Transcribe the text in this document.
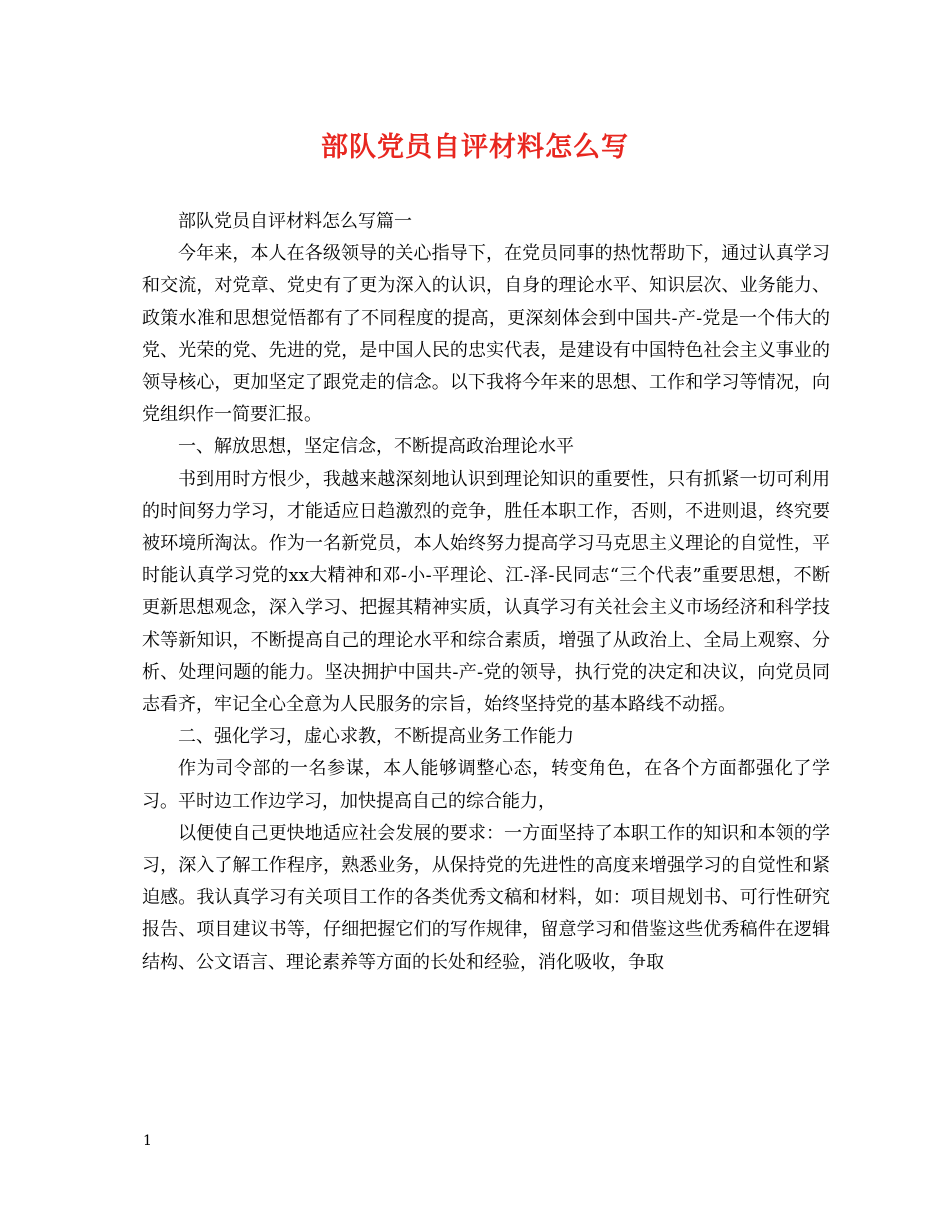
部队党员自评材料怎么写

部队党员自评材料怎么写篇一

今年来，本人在各级领导的关心指导下，在党员同事的热忱帮助下，通过认真学习和交流，对党章、党史有了更为深入的认识，自身的理论水平、知识层次、业务能力、政策水准和思想觉悟都有了不同程度的提高，更深刻体会到中国共-产-党是一个伟大的党、光荣的党、先进的党，是中国人民的忠实代表，是建设有中国特色社会主义事业的领导核心，更加坚定了跟党走的信念。以下我将今年来的思想、工作和学习等情况，向党组织作一简要汇报。

一、解放思想，坚定信念，不断提高政治理论水平

书到用时方恨少，我越来越深刻地认识到理论知识的重要性，只有抓紧一切可利用的时间努力学习，才能适应日趋激烈的竞争，胜任本职工作，否则，不进则退，终究要被环境所淘汰。作为一名新党员，本人始终努力提高学习马克思主义理论的自觉性，平时能认真学习党的xx大精神和邓-小-平理论、江-泽-民同志“三个代表”重要思想，不断更新思想观念，深入学习、把握其精神实质，认真学习有关社会主义市场经济和科学技术等新知识，不断提高自己的理论水平和综合素质，增强了从政治上、全局上观察、分析、处理问题的能力。坚决拥护中国共-产-党的领导，执行党的决定和决议，向党员同志看齐，牢记全心全意为人民服务的宗旨，始终坚持党的基本路线不动摇。

二、强化学习，虚心求教，不断提高业务工作能力

作为司令部的一名参谋，本人能够调整心态，转变角色，在各个方面都强化了学习。平时边工作边学习，加快提高自己的综合能力，

以便使自己更快地适应社会发展的要求：一方面坚持了本职工作的知识和本领的学习，深入了解工作程序，熟悉业务，从保持党的先进性的高度来增强学习的自觉性和紧迫感。我认真学习有关项目工作的各类优秀文稿和材料，如：项目规划书、可行性研究报告、项目建议书等，仔细把握它们的写作规律，留意学习和借鉴这些优秀稿件在逻辑结构、公文语言、理论素养等方面的长处和经验，消化吸收，争取

1
